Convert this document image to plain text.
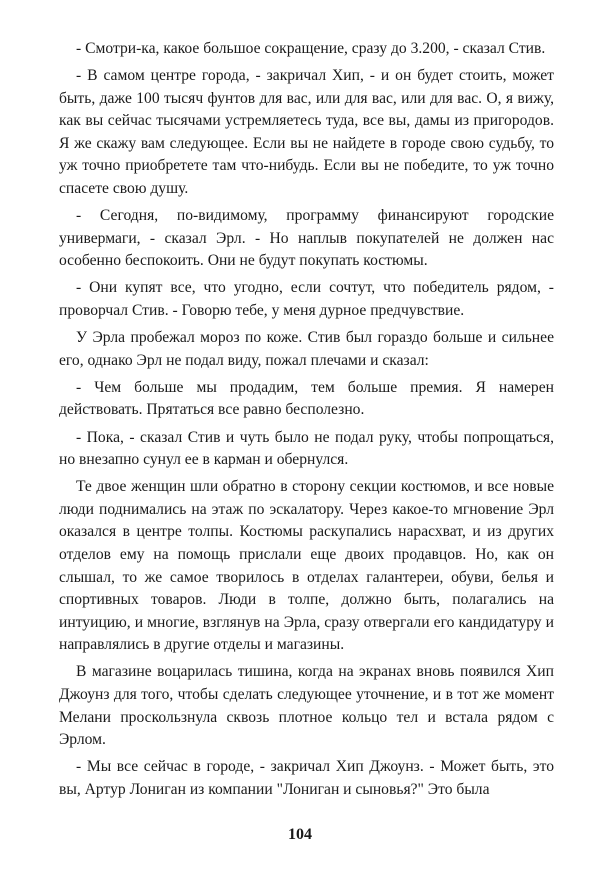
- Смотри-ка, какое большое сокращение, сразу до 3.200, - сказал Стив.

- В самом центре города, - закричал Хип, - и он будет стоить, может быть, даже 100 тысяч фунтов для вас, или для вас, или для вас. О, я вижу, как вы сейчас тысячами устремляетесь туда, все вы, дамы из пригородов. Я же скажу вам следующее. Если вы не найдете в городе свою судьбу, то уж точно приобретете там что-нибудь. Если вы не победите, то уж точно спасете свою душу.

- Сегодня, по-видимому, программу финансируют городские универмаги, - сказал Эрл. - Но наплыв покупателей не должен нас особенно беспокоить. Они не будут покупать костюмы.

- Они купят все, что угодно, если сочтут, что победитель рядом, - проворчал Стив. - Говорю тебе, у меня дурное предчувствие.

У Эрла пробежал мороз по коже. Стив был гораздо больше и сильнее его, однако Эрл не подал виду, пожал плечами и сказал:

- Чем больше мы продадим, тем больше премия. Я намерен действовать. Прятаться все равно бесполезно.

- Пока, - сказал Стив и чуть было не подал руку, чтобы попрощаться, но внезапно сунул ее в карман и обернулся.

Те двое женщин шли обратно в сторону секции костюмов, и все новые люди поднимались на этаж по эскалатору. Через какое-то мгновение Эрл оказался в центре толпы. Костюмы раскупались нарасхват, и из других отделов ему на помощь прислали еще двоих продавцов. Но, как он слышал, то же самое творилось в отделах галантереи, обуви, белья и спортивных товаров. Люди в толпе, должно быть, полагались на интуицию, и многие, взглянув на Эрла, сразу отвергали его кандидатуру и направлялись в другие отделы и магазины.

В магазине воцарилась тишина, когда на экранах вновь появился Хип Джоунз для того, чтобы сделать следующее уточнение, и в тот же момент Мелани проскользнула сквозь плотное кольцо тел и встала рядом с Эрлом.

- Мы все сейчас в городе, - закричал Хип Джоунз. - Может быть, это вы, Артур Лониган из компании "Лониган и сыновья?" Это была

104
